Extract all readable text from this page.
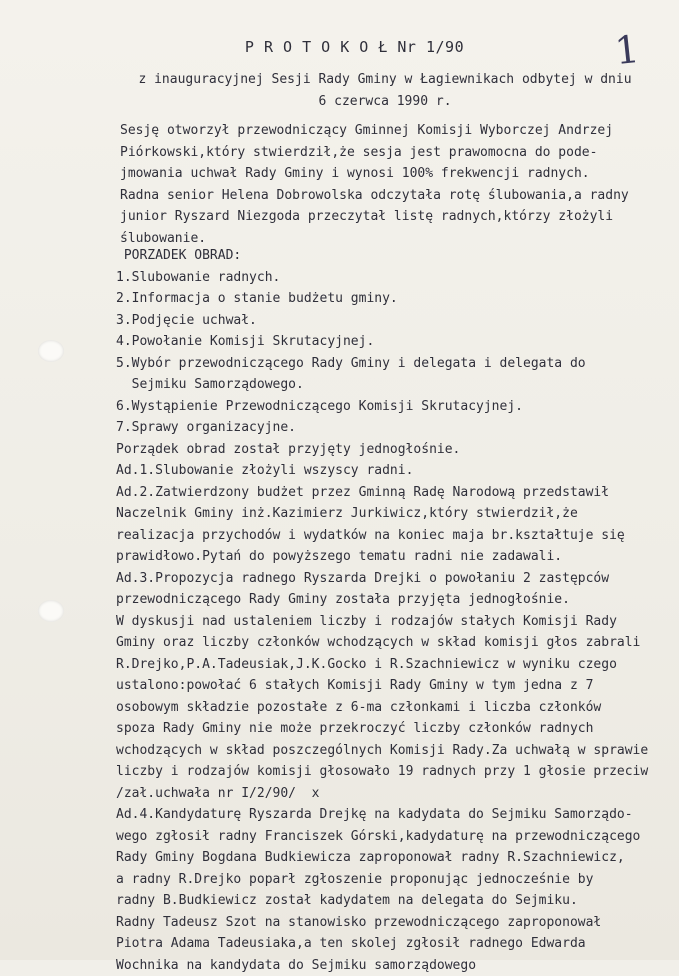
1
P R O T O K O Ł Nr 1/90
z inauguracyjnej Sesji Rady Gminy w Łagiewnikach odbytej w dniu
6 czerwca 1990 r.
Sesję otworzył przewodniczący Gminnej Komisji Wyborczej Andrzej
Piórkowski,który stwierdził,że sesja jest prawomocna do pode-
jmowania uchwał Rady Gminy i wynosi 100% frekwencji radnych.
Radna senior Helena Dobrowolska odczytała rotę ślubowania,a radny
junior Ryszard Niezgoda przeczytał listę radnych,którzy złożyli
ślubowanie.
PORZADEK OBRAD:
1.Slubowanie radnych.
2.Informacja o stanie budżetu gminy.
3.Podjęcie uchwał.
4.Powołanie Komisji Skrutacyjnej.
5.Wybór przewodniczącego Rady Gminy i delegata i delegata do
Sejmiku Samorządowego.
6.Wystąpienie Przewodniczącego Komisji Skrutacyjnej.
7.Sprawy organizacyjne.
Porządek obrad został przyjęty jednogłośnie.
Ad.1.Slubowanie złożyli wszyscy radni.
Ad.2.Zatwierdzony budżet przez Gminną Radę Narodową przedstawił
Naczelnik Gminy inż.Kazimierz Jurkiwicz,który stwierdził,że
realizacja przychodów i wydatków na koniec maja br.kształtuje się
prawidłowo.Pytań do powyższego tematu radni nie zadawali.
Ad.3.Propozycja radnego Ryszarda Drejki o powołaniu 2 zastępców
przewodniczącego Rady Gminy została przyjęta jednogłośnie.
W dyskusji nad ustaleniem liczby i rodzajów stałych Komisji Rady
Gminy oraz liczby członków wchodzących w skład komisji głos zabrali
R.Drejko,P.A.Tadeusiak,J.K.Gocko i R.Szachniewicz w wyniku czego
ustalono:powołać 6 stałych Komisji Rady Gminy w tym jedna z 7
osobowym składzie pozostałe z 6-ma członkami i liczba członków
spoza Rady Gminy nie może przekroczyć liczby członków radnych
wchodzących w skład poszczególnych Komisji Rady.Za uchwałą w sprawie
liczby i rodzajów komisji głosowało 19 radnych przy 1 głosie przeciw
/zał.uchwała nr I/2/90/  x
Ad.4.Kandydaturę Ryszarda Drejkę na kadydata do Sejmiku Samorządo-
wego zgłosił radny Franciszek Górski,kadydaturę na przewodniczącego
Rady Gminy Bogdana Budkiewicza zaproponował radny R.Szachniewicz,
a radny R.Drejko poparł zgłoszenie proponując jednocześnie by
radny B.Budkiewicz został kadydatem na delegata do Sejmiku.
Radny Tadeusz Szot na stanowisko przewodniczącego zaproponował
Piotra Adama Tadeusiaka,a ten skolej zgłosił radnego Edwarda
Wochnika na kandydata do Sejmiku samorządowego
